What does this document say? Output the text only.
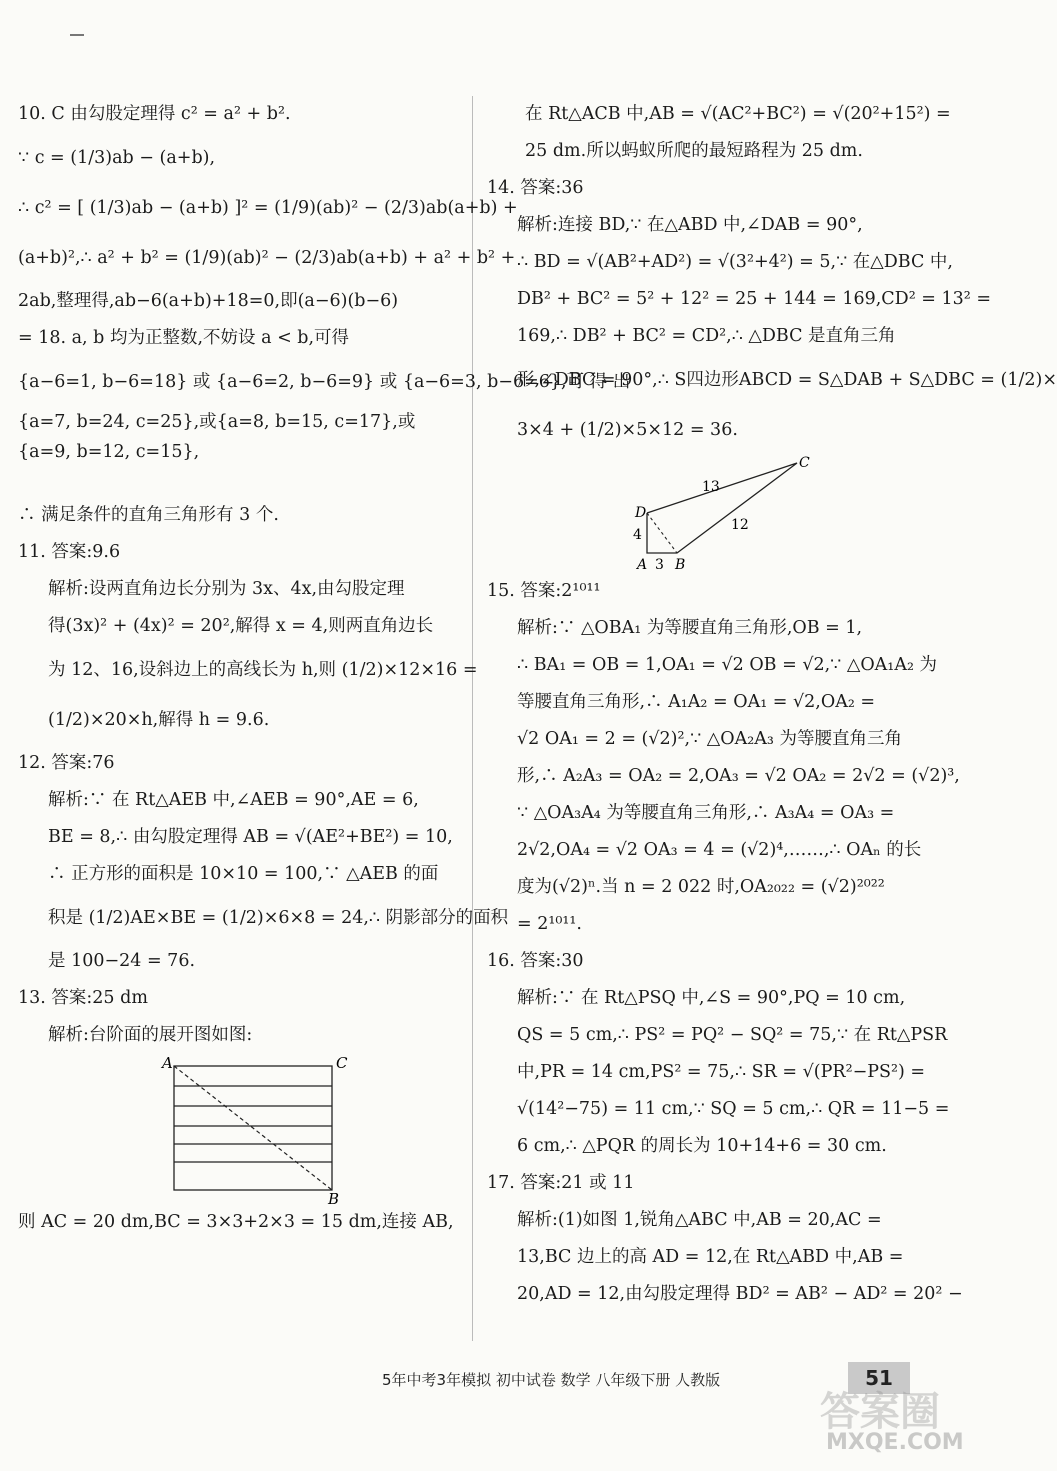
10. C 由勾股定理得 c² = a² + b².
∵ c = (1/3)ab − (a+b),
∴ c² = [ (1/3)ab − (a+b) ]² = (1/9)(ab)² − (2/3)ab(a+b) +
(a+b)²,∴ a² + b² = (1/9)(ab)² − (2/3)ab(a+b) + a² + b² +
2ab,整理得,ab−6(a+b)+18=0,即(a−6)(b−6)
= 18. a, b 均为正整数,不妨设 a < b,可得
{a−6=1, b−6=18} 或 {a−6=2, b−6=9} 或 {a−6=3, b−6=6},可 得 出
{a=7, b=24, c=25},或{a=8, b=15, c=17},或{a=9, b=12, c=15},
∴ 满足条件的直角三角形有 3 个.
11. 答案:9.6
解析:设两直角边长分别为 3x、4x,由勾股定理
得(3x)² + (4x)² = 20²,解得 x = 4,则两直角边长
为 12、16,设斜边上的高线长为 h,则 (1/2)×12×16 =
(1/2)×20×h,解得 h = 9.6.
12. 答案:76
解析:∵ 在 Rt△AEB 中,∠AEB = 90°,AE = 6,
BE = 8,∴ 由勾股定理得 AB = √(AE²+BE²) = 10,
∴ 正方形的面积是 10×10 = 100,∵ △AEB 的面
积是 (1/2)AE×BE = (1/2)×6×8 = 24,∴ 阴影部分的面积
是 100−24 = 76.
13. 答案:25 dm
解析:台阶面的展开图如图:
A	C
B
则 AC = 20 dm,BC = 3×3+2×3 = 15 dm,连接 AB,
在 Rt△ACB 中,AB = √(AC²+BC²) = √(20²+15²) =
25 dm.所以蚂蚁所爬的最短路程为 25 dm.
14. 答案:36
解析:连接 BD,∵ 在△ABD 中,∠DAB = 90°,
∴ BD = √(AB²+AD²) = √(3²+4²) = 5,∵ 在△DBC 中,
DB² + BC² = 5² + 12² = 25 + 144 = 169,CD² = 13² =
169,∴ DB² + BC² = CD²,∴ △DBC 是直角三角
形,∠DBC = 90°,∴ S四边形ABCD = S△DAB + S△DBC = (1/2)×
3×4 + (1/2)×5×12 = 36.
D
C
A B
13
12
4
3
15. 答案:2¹⁰¹¹
解析:∵ △OBA₁ 为等腰直角三角形,OB = 1,
∴ BA₁ = OB = 1,OA₁ = √2 OB = √2,∵ △OA₁A₂ 为
等腰直角三角形,∴ A₁A₂ = OA₁ = √2,OA₂ =
√2 OA₁ = 2 = (√2)²,∵ △OA₂A₃ 为等腰直角三角
形,∴ A₂A₃ = OA₂ = 2,OA₃ = √2 OA₂ = 2√2 = (√2)³,
∵ △OA₃A₄ 为等腰直角三角形,∴ A₃A₄ = OA₃ =
2√2,OA₄ = √2 OA₃ = 4 = (√2)⁴,……,∴ OAₙ 的长
度为(√2)ⁿ.当 n = 2 022 时,OA₂₀₂₂ = (√2)²⁰²²
= 2¹⁰¹¹.
16. 答案:30
解析:∵ 在 Rt△PSQ 中,∠S = 90°,PQ = 10 cm,
QS = 5 cm,∴ PS² = PQ² − SQ² = 75,∵ 在 Rt△PSR
中,PR = 14 cm,PS² = 75,∴ SR = √(PR²−PS²) =
√(14²−75) = 11 cm,∵ SQ = 5 cm,∴ QR = 11−5 =
6 cm,∴ △PQR 的周长为 10+14+6 = 30 cm.
17. 答案:21 或 11
解析:(1)如图 1,锐角△ABC 中,AB = 20,AC =
13,BC 边上的高 AD = 12,在 Rt△ABD 中,AB =
20,AD = 12,由勾股定理得 BD² = AB² − AD² = 20² −
5年中考3年模拟 初中试卷 数学 八年级下册 人教版	51
答案圈
MXQE.COM
